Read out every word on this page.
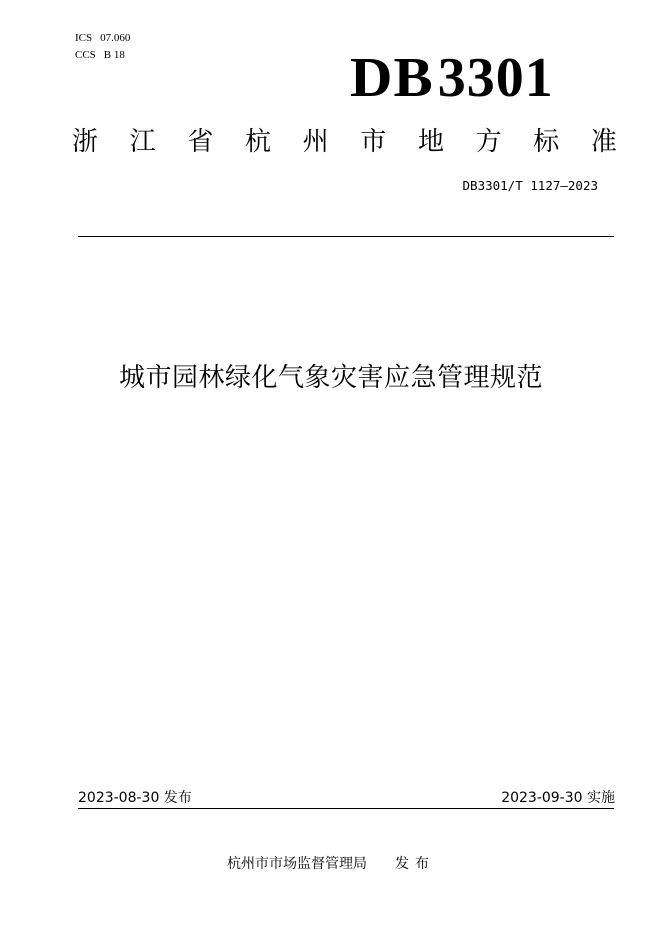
ICS 07.060
CCS B 18	DB3301
浙 江 省 杭 州 市 地 方 标 准
DB3301/T 1127—2023
城市园林绿化气象灾害应急管理规范
2023-08-30 发布	2023-09-30 实施
杭州市市场监督管理局 发布
